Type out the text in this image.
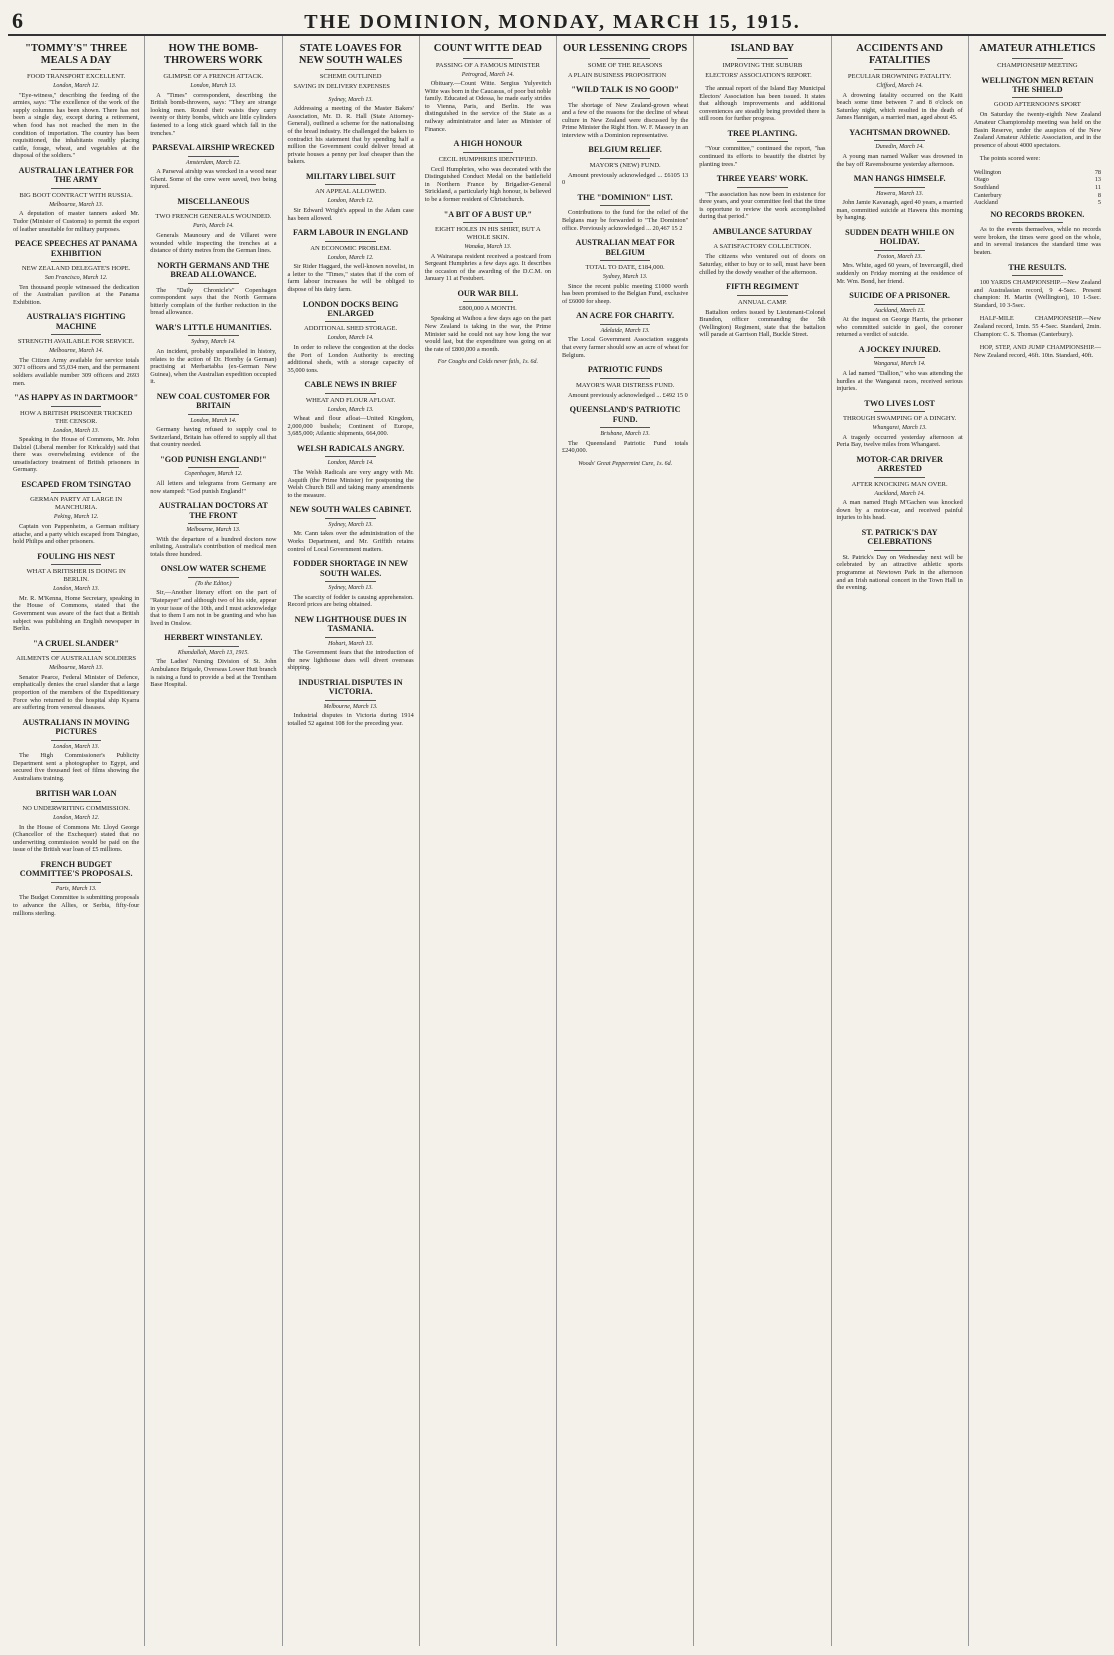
6	THE DOMINION, MONDAY, MARCH 15, 1915.
"TOMMY'S" THREE MEALS A DAY
FOOD TRANSPORT EXCELLENT.
London, March 12.

"Eye-witness," describing the feeding of the armies, says: "The excellence of the work of the supply columns has been shown. There has not been a single day, except during a retirement, when food has not reached the men in the condition of importation. The country has been requisitioned, the inhabitants readily placing cattle, forage, wheat, and vegetables at the disposal of the soldiers."

AUSTRALIAN LEATHER FOR THE ARMY
BIG BOOT CONTRACT WITH RUSSIA.
Melbourne, March 13.

A deputation of master tanners asked Mr. Tudor (Minister of Customs) to permit the export of leather unsuitable for military purposes.

PEACE SPEECHES AT PANAMA EXHIBITION
NEW ZEALAND DELEGATE'S HOPE.
San Francisco, March 12.

Ten thousand people witnessed the dedication of the Australian pavilion at the Panama Exhibition.

AUSTRALIA'S FIGHTING MACHINE
STRENGTH AVAILABLE FOR SERVICE.
Melbourne, March 14.

The Citizen Army available for service totals 3071 officers and 55,034 men, and the permanent soldiers available number 309 officers and 2693 men.

"AS HAPPY AS IN DARTMOOR"
HOW A BRITISH PRISONER TRICKED THE CENSOR.
London, March 13.

Speaking in the House of Commons, Mr. John Dalziel (Liberal member for Kirkcaldy) said that there was overwhelming evidence of the unsatisfactory treatment of British prisoners in Germany.

ESCAPED FROM TSINGTAO
GERMAN PARTY AT LARGE IN MANCHURIA.
Peking, March 12.

Captain von Pappenheim, a German military attache, and a party which escaped from Tsingtao, hold Philips and other prisoners.

FOULING HIS NEST
WHAT A BRITISHER IS DOING IN BERLIN.
London, March 13.

Mr. R. M'Kenna, Home Secretary, speaking in the House of Commons, stated that the Government was aware of the fact that a British subject was publishing an English newspaper in Berlin.

"A CRUEL SLANDER"
AILMENTS OF AUSTRALIAN SOLDIERS
Melbourne, March 13.

Senator Pearce, Federal Minister of Defence, emphatically denies the cruel slander that a large proportion of the members of the Expeditionary Force who returned to the hospital ship Kyarra are suffering from venereal diseases.

AUSTRALIANS IN MOVING PICTURES
London, March 13.

The High Commissioner's Publicity Department sent a photographer to Egypt, and secured five thousand feet of films showing the Australians training.

BRITISH WAR LOAN
NO UNDERWRITING COMMISSION.
London, March 12.

In the House of Commons Mr. Lloyd George (Chancellor of the Exchequer) stated that no underwriting commission would be paid on the issue of the British war loan of £5 millions.

FRENCH BUDGET COMMITTEE'S PROPOSALS.
Paris, March 13.

The Budget Committee is submitting proposals to advance the Allies, or Serbia, fifty-four millions sterling.

HOW THE BOMB-THROWERS WORK
GLIMPSE OF A FRENCH ATTACK.
London, March 13.

A "Times" correspondent, describing the British bomb-throwers, says: "They are strange looking men. Round their waists they carry twenty or thirty bombs, which are little cylinders fastened to a long stick guard which fall in the trenches."

PARSEVAL AIRSHIP WRECKED
Amsterdam, March 12.

A Parseval airship was wrecked in a wood near Ghent. Some of the crew were saved, two being injured.

MISCELLANEOUS
TWO FRENCH GENERALS WOUNDED.
Paris, March 14.

Generals Maunoury and de Villaret were wounded while inspecting the trenches at a distance of thirty metres from the German lines.

NORTH GERMANS AND THE BREAD ALLOWANCE.

The "Daily Chronicle's" Copenhagen correspondent says that the North Germans bitterly complain of the further reduction in the bread allowance.

WAR'S LITTLE HUMANITIES.
Sydney, March 14.

An incident, probably unparalleled in history, relates to the action of Dr. Hornby (a German) practising at Merbartabba (ex-German New Guinea), when the Australian expedition occupied it.

NEW COAL CUSTOMER FOR BRITAIN
London, March 14.

Germany having refused to supply coal to Switzerland, Britain has offered to supply all that that country needed.

"GOD PUNISH ENGLAND!"
Copenhagen, March 12.

All letters and telegrams from Germany are now stamped: "God punish England!"

AUSTRALIAN DOCTORS AT THE FRONT
Melbourne, March 13.

With the departure of a hundred doctors now enlisting, Australia's contribution of medical men totals three hundred.

ONSLOW WATER SCHEME
(To the Editor.)

Sir,—Another literary effort on the part of "Ratepayer" and although two of his side, appear in your issue of the 10th, and I must acknowledge that to them I am not in be granting and who has lived in Onslow.

HERBERT WINSTANLEY.
Khandallah, March 13, 1915.

The Ladies' Nursing Division of St. John Ambulance Brigade, Overseas Lower Hutt branch is raising a fund to provide a bed at the Trentham Base Hospital.

STATE LOAVES FOR NEW SOUTH WALES
SCHEME OUTLINED

SAVING IN DELIVERY EXPENSES

Sydney, March 13.

Addressing a meeting of the Master Bakers' Association, Mr. D. R. Hall (State Attorney-General), outlined a scheme for the nationalising of the bread industry. He challenged the bakers to contradict his statement that by spending half a million the Government could deliver bread at private houses a penny per loaf cheaper than the bakers.

MILITARY LIBEL SUIT
AN APPEAL ALLOWED.
London, March 12.

Sir Edward Wright's appeal in the Adam case has been allowed.

FARM LABOUR IN ENGLAND
AN ECONOMIC PROBLEM.
London, March 12.

Sir Rider Haggard, the well-known novelist, in a letter to the "Times," states that if the corn of farm labour increases he will be obliged to dispose of his dairy farm.

LONDON DOCKS BEING ENLARGED
ADDITIONAL SHED STORAGE.
London, March 14.

In order to relieve the congestion at the docks the Port of London Authority is erecting additional sheds, with a storage capacity of 35,000 tons.

CABLE NEWS IN BRIEF
WHEAT AND FLOUR AFLOAT.
London, March 13.

Wheat and flour afloat—United Kingdom, 2,000,000 bushels; Continent of Europe, 3,685,000; Atlantic shipments, 664,000.

WELSH RADICALS ANGRY.
London, March 14.

The Welsh Radicals are very angry with Mr. Asquith (the Prime Minister) for postponing the Welsh Church Bill and taking many amendments to the measure.

NEW SOUTH WALES CABINET.
Sydney, March 13.

Mr. Cann takes over the administration of the Works Department, and Mr. Griffith retains control of Local Government matters.

FODDER SHORTAGE IN NEW SOUTH WALES.
Sydney, March 13.

The scarcity of fodder is causing apprehension. Record prices are being obtained.

NEW LIGHTHOUSE DUES IN TASMANIA.
Hobart, March 13.

The Government fears that the introduction of the new lighthouse dues will divert overseas shipping.

INDUSTRIAL DISPUTES IN VICTORIA.
Melbourne, March 13.

Industrial disputes in Victoria during 1914 totalled 52 against 108 for the preceding year.

COUNT WITTE DEAD
PASSING OF A FAMOUS MINISTER
Petrograd, March 14.

Obituary.—Count Witte. Sergius Yulyevitch Witte was born in the Caucasus, of poor but noble family. Educated at Odessa, he made early strides to Vienna, Paris, and Berlin. He was distinguished in the service of the State as a railway administrator and later as Minister of Finance.

A HIGH HONOUR
CECIL HUMPHRIES IDENTIFIED.

Cecil Humphries, who was decorated with the Distinguished Conduct Medal on the battlefield in Northern France by Brigadier-General Strickland, a particularly high honour, is believed to be a former resident of Christchurch.

"A BIT OF A BUST UP."
EIGHT HOLES IN HIS SHIRT, BUT A WHOLE SKIN.
Wanaka, March 13.

A Wairarapa resident received a postcard from Sergeant Humphries a few days ago. It describes the occasion of the awarding of the D.C.M. on January 11 at Festubert.

OUR WAR BILL
£800,000 A MONTH.

Speaking at Waihou a few days ago on the part New Zealand is taking in the war, the Prime Minister said he could not say how long the war would last, but the expenditure was going on at the rate of £800,000 a month.

For Coughs and Colds never fails, 1s. 6d.
OUR LESSENING CROPS
SOME OF THE REASONS

A PLAIN BUSINESS PROPOSITION

"WILD TALK IS NO GOOD"

The shortage of New Zealand-grown wheat and a few of the reasons for the decline of wheat culture in New Zealand were discussed by the Prime Minister the Right Hon. W. F. Massey in an interview with a Dominion representative.

BELGIUM RELIEF.
MAYOR'S (NEW) FUND.

Amount previously acknowledged ... £6105 13 0

THE "DOMINION" LIST.

Contributions to the fund for the relief of the Belgians may be forwarded to "The Dominion" office. Previously acknowledged ... 20,467 15 2

AUSTRALIAN MEAT FOR BELGIUM
TOTAL TO DATE, £184,000.
Sydney, March 13.

Since the recent public meeting £1000 worth has been promised to the Belgian Fund, exclusive of £6000 for sheep.

AN ACRE FOR CHARITY.
Adelaide, March 13.

The Local Government Association suggests that every farmer should sow an acre of wheat for Belgium.

PATRIOTIC FUNDS
MAYOR'S WAR DISTRESS FUND.

Amount previously acknowledged ... £492 15 0

QUEENSLAND'S PATRIOTIC FUND.
Brisbane, March 13.

The Queensland Patriotic Fund totals £240,000.

Woods' Great Peppermint Cure, 1s. 6d.
ISLAND BAY
IMPROVING THE SUBURB

ELECTORS' ASSOCIATION'S REPORT.

The annual report of the Island Bay Municipal Electors' Association has been issued. It states that although improvements and additional conveniences are steadily being provided there is still room for further progress.

TREE PLANTING.

"Your committee," continued the report, "has continued its efforts to beautify the district by planting trees."

THREE YEARS' WORK.

"The association has now been in existence for three years, and your committee feel that the time is opportune to review the work accomplished during that period."

AMBULANCE SATURDAY
A SATISFACTORY COLLECTION.

The citizens who ventured out of doors on Saturday, either to buy or to sell, must have been chilled by the dowdy weather of the afternoon.

FIFTH REGIMENT
ANNUAL CAMP.

Battalion orders issued by Lieutenant-Colonel Brandon, officer commanding the 5th (Wellington) Regiment, state that the battalion will parade at Garrison Hall, Buckle Street.

ACCIDENTS AND FATALITIES
PECULIAR DROWNING FATALITY.
Clifford, March 14.

A drowning fatality occurred on the Kaiti beach some time between 7 and 8 o'clock on Saturday night, which resulted in the death of James Hannigan, a married man, aged about 45.

YACHTSMAN DROWNED.
Dunedin, March 14.

A young man named Walker was drowned in the bay off Ravensbourne yesterday afternoon.

MAN HANGS HIMSELF.
Hawera, March 13.

John Jamie Kavanagh, aged 40 years, a married man, committed suicide at Hawera this morning by hanging.

SUDDEN DEATH WHILE ON HOLIDAY.
Foxton, March 13.

Mrs. White, aged 60 years, of Invercargill, died suddenly on Friday morning at the residence of Mr. Wm. Bond, her friend.

SUICIDE OF A PRISONER.
Auckland, March 13.

At the inquest on George Harris, the prisoner who committed suicide in gaol, the coroner returned a verdict of suicide.

A JOCKEY INJURED.
Wanganui, March 14.

A lad named "Dallion," who was attending the hurdles at the Wanganui races, received serious injuries.

TWO LIVES LOST
THROUGH SWAMPING OF A DINGHY.
Whangarei, March 13.

A tragedy occurred yesterday afternoon at Peria Bay, twelve miles from Whangarei.

MOTOR-CAR DRIVER ARRESTED
AFTER KNOCKING MAN OVER.
Auckland, March 14.

A man named Hugh M'Gachen was knocked down by a motor-car, and received painful injuries to his head.

ST. PATRICK'S DAY CELEBRATIONS

St. Patrick's Day on Wednesday next will be celebrated by an attractive athletic sports programme at Newtown Park in the afternoon and an Irish national concert in the Town Hall in the evening.

AMATEUR ATHLETICS
CHAMPIONSHIP MEETING
WELLINGTON MEN RETAIN THE SHIELD
GOOD AFTERNOON'S SPORT

On Saturday the twenty-eighth New Zealand Amateur Championship meeting was held on the Basin Reserve, under the auspices of the New Zealand Amateur Athletic Association, and in the presence of about 4000 spectators.

The points scored were:

Wellington	78
Otago	13
Southland	11
Canterbury	8
Auckland	5
NO RECORDS BROKEN.

As to the events themselves, while no records were broken, the times were good on the whole, and in several instances the standard time was beaten.

THE RESULTS.

100 YARDS CHAMPIONSHIP.—New Zealand and Australasian record, 9 4-5sec. Present champion: H. Martin (Wellington), 10 1-5sec. Standard, 10 3-5sec.

HALF-MILE CHAMPIONSHIP.—New Zealand record, 1min. 55 4-5sec. Standard, 2min. Champion: C. S. Thomas (Canterbury).

HOP, STEP, AND JUMP CHAMPIONSHIP.—New Zealand record, 46ft. 10in. Standard, 40ft.
